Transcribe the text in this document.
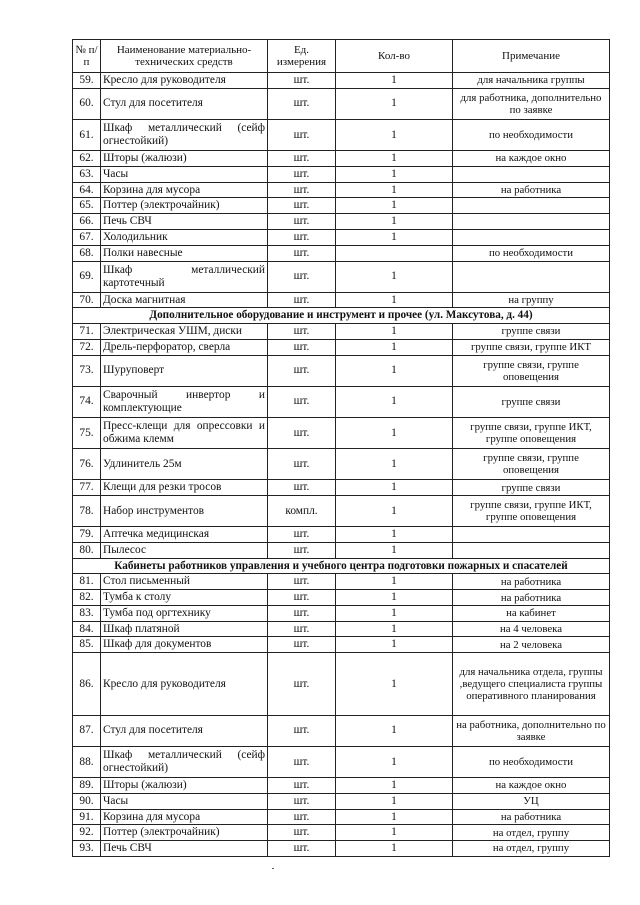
№ п/п	Наименование материально-технических средств	Ед. измерения	Кол-во	Примечание
59.	Кресло для руководителя	шт.	1	для начальника группы
60.	Стул для посетителя	шт.	1	для работника, дополнительно по заявке
61.	Шкаф металлический (сейф огнестойкий)	шт.	1	по необходимости
62.	Шторы (жалюзи)	шт.	1	на каждое окно
63.	Часы	шт.	1	
64.	Корзина для мусора	шт.	1	на работника
65.	Поттер (электрочайник)	шт.	1	
66.	Печь СВЧ	шт.	1	
67.	Холодильник	шт.	1	
68.	Полки навесные	шт.		по необходимости
69.	Шкаф металлический картотечный	шт.	1	
70.	Доска магнитная	шт.	1	на группу
Дополнительное оборудование и инструмент и прочее (ул. Максутова, д. 44)				
71.	Электрическая УШМ, диски	шт.	1	группе связи
72.	Дрель-перфоратор, сверла	шт.	1	группе связи, группе ИКТ
73.	Шуруповерт	шт.	1	группе связи, группе оповещения
74.	Сварочный инвертор и комплектующие	шт.	1	группе связи
75.	Пресс-клещи для опрессовки и обжима клемм	шт.	1	группе связи, группе ИКТ, группе оповещения
76.	Удлинитель 25м	шт.	1	группе связи, группе оповещения
77.	Клещи для резки тросов	шт.	1	группе связи
78.	Набор инструментов	компл.	1	группе связи, группе ИКТ, группе оповещения
79.	Аптечка медицинская	шт.	1	
80.	Пылесос	шт.	1	
Кабинеты работников управления и учебного центра подготовки пожарных и спасателей				
81.	Стол письменный	шт.	1	на работника
82.	Тумба к столу	шт.	1	на работника
83.	Тумба под оргтехнику	шт.	1	на кабинет
84.	Шкаф платяной	шт.	1	на 4 человека
85.	Шкаф для документов	шт.	1	на 2 человека
86.	Кресло для руководителя	шт.	1	для начальника отдела, группы ,ведущего специалиста группы оперативного планирования
87.	Стул для посетителя	шт.	1	на работника, дополнительно по заявке
88.	Шкаф металлический (сейф огнестойкий)	шт.	1	по необходимости
89.	Шторы (жалюзи)	шт.	1	на каждое окно
90.	Часы	шт.	1	УЦ
91.	Корзина для мусора	шт.	1	на работника
92.	Поттер (электрочайник)	шт.	1	на отдел, группу
93.	Печь СВЧ	шт.	1	на отдел, группу
